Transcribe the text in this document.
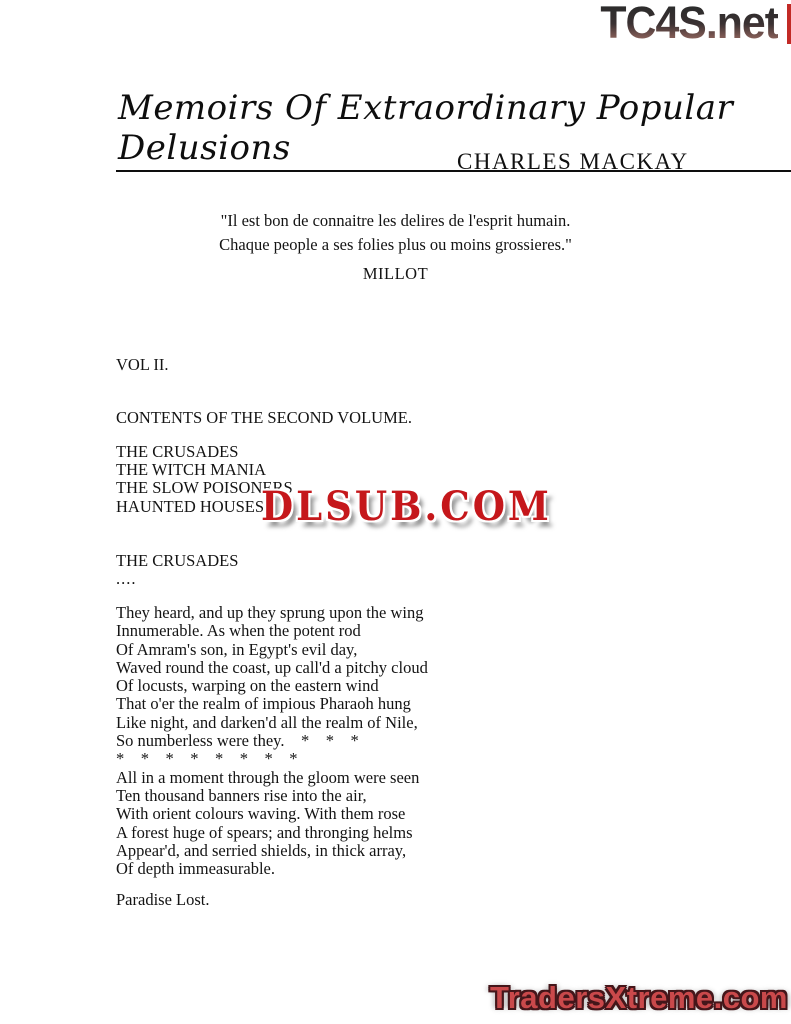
TC4S.net
Memoirs Of Extraordinary Popular Delusions	CHARLES MACKAY
"Il est bon de connaitre les delires de l'esprit humain.
Chaque people a ses folies plus ou moins grossieres."
MILLOT
VOL II.
CONTENTS OF THE SECOND VOLUME.
THE CRUSADES
THE WITCH MANIA
THE SLOW POISONERS
HAUNTED HOUSES
DLSUB.COM
THE CRUSADES
....
They heard, and up they sprung upon the wing
Innumerable. As when the potent rod
Of Amram's son, in Egypt's evil day,
Waved round the coast, up call'd a pitchy cloud
Of locusts, warping on the eastern wind
That o'er the realm of impious Pharaoh hung
Like night, and darken'd all the realm of Nile,
So numberless were they.    *    *    *
*    *    *    *    *    *    *    *
All in a moment through the gloom were seen
Ten thousand banners rise into the air,
With orient colours waving. With them rose
A forest huge of spears; and thronging helms
Appear'd, and serried shields, in thick array,
Of depth immeasurable.
Paradise Lost.
TradersXtreme.com
